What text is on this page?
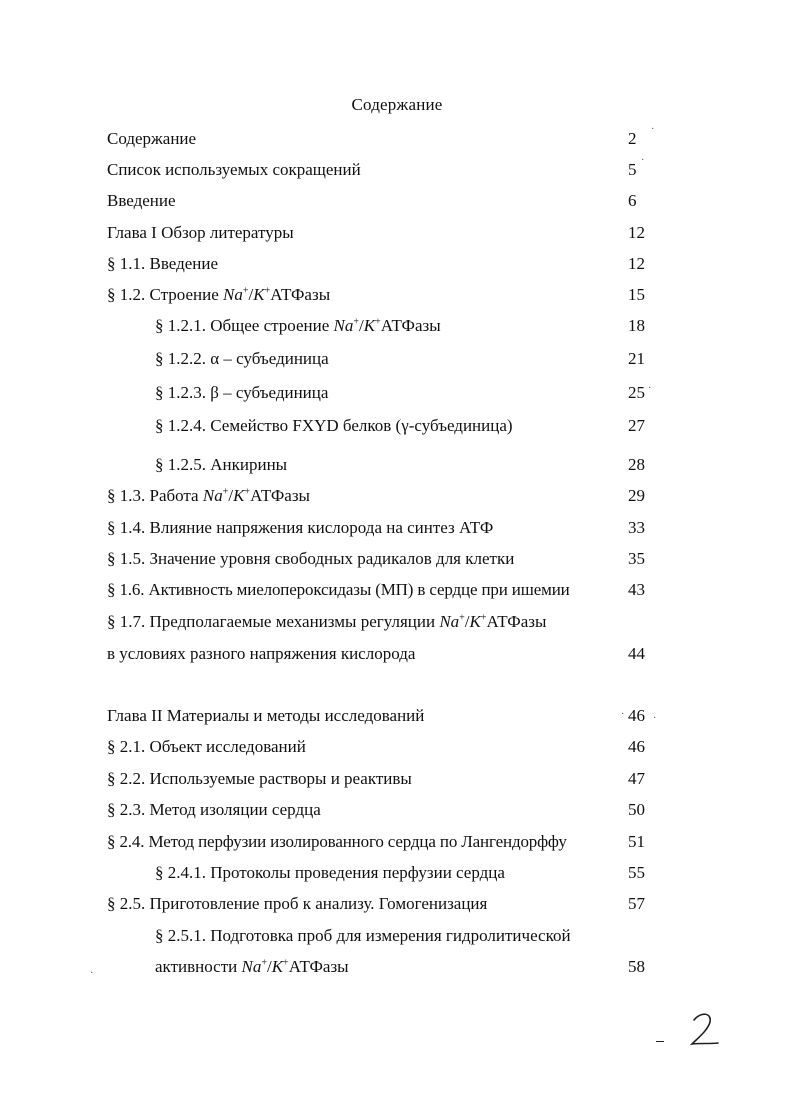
Содержание
Содержание	2
Список используемых сокращений	5
Введение	6
Глава I Обзор литературы	12
§ 1.1. Введение	12
§ 1.2. Строение Na+/K+АТФазы	15
§ 1.2.1. Общее строение Na+/K+АТФазы	18
§ 1.2.2. α – субъединица	21
§ 1.2.3. β – субъединица	25
§ 1.2.4. Семейство FXYD белков (γ-субъединица)	27
§ 1.2.5. Анкирины	28
§ 1.3. Работа Na+/K+АТФазы	29
§ 1.4. Влияние напряжения кислорода на синтез АТФ	33
§ 1.5. Значение уровня свободных радикалов для клетки	35
§ 1.6. Активность миелопероксидазы (МП) в сердце при ишемии	43
§ 1.7. Предполагаемые механизмы регуляции Na+/K+АТФазы
в условиях разного напряжения кислорода	44
Глава II Материалы и методы исследований	46
§ 2.1. Объект исследований	46
§ 2.2. Используемые растворы и реактивы	47
§ 2.3. Метод изоляции сердца	50
§ 2.4. Метод перфузии изолированного сердца по Лангендорффу	51
§ 2.4.1. Протоколы проведения перфузии сердца	55
§ 2.5. Приготовление проб к анализу. Гомогенизация	57
§ 2.5.1. Подготовка проб для измерения гидролитической
активности Na+/K+АТФазы	58
·
·
·
·	·
·
